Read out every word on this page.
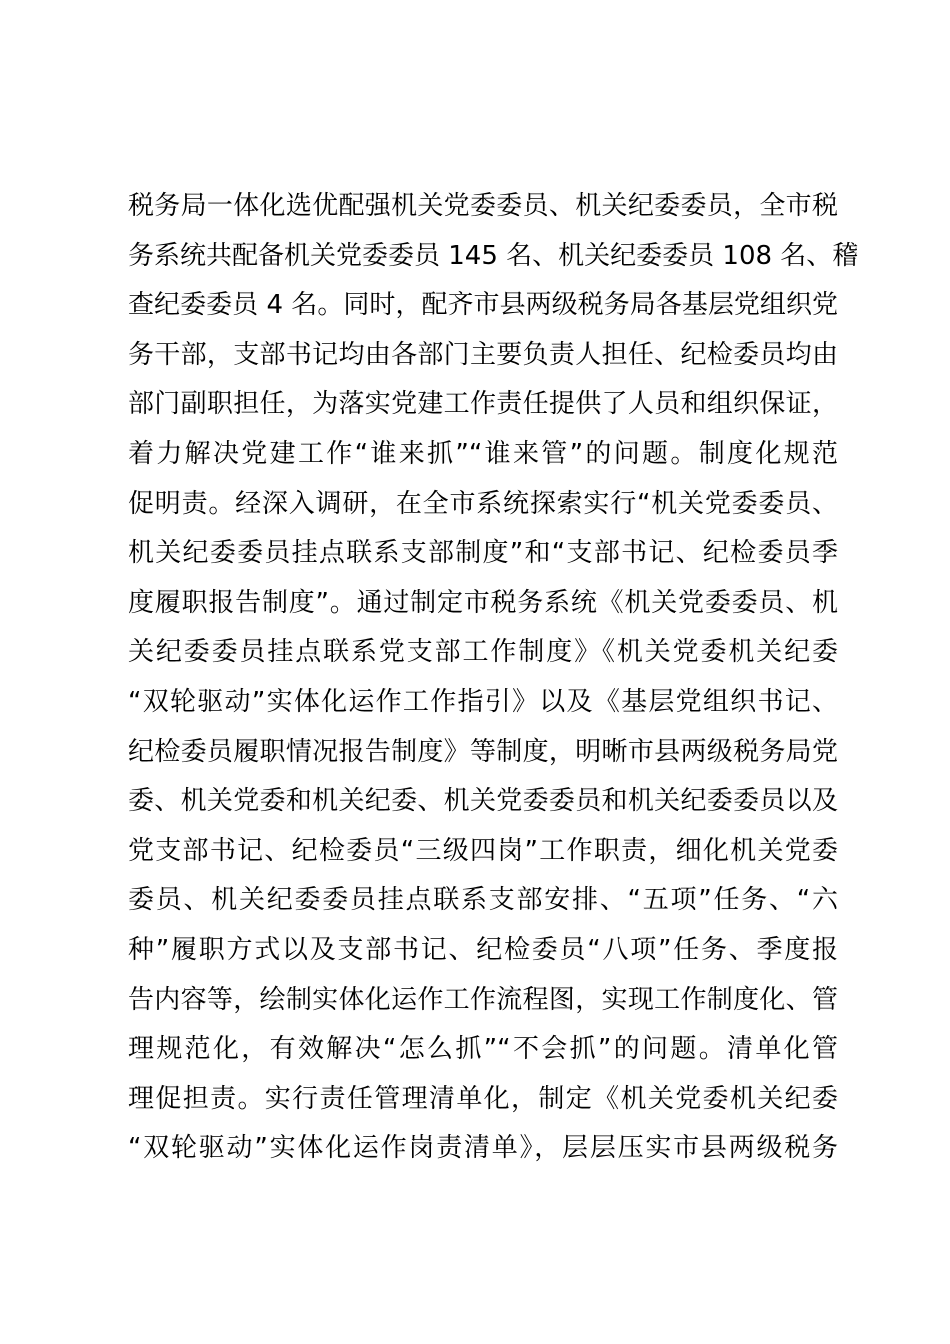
税务局一体化选优配强机关党委委员、机关纪委委员，全市税
务系统共配备机关党委委员 145 名、机关纪委委员 108 名、稽
查纪委委员 4 名。同时，配齐市县两级税务局各基层党组织党
务干部，支部书记均由各部门主要负责人担任、纪检委员均由
部门副职担任，为落实党建工作责任提供了人员和组织保证，
着力解决党建工作“谁来抓”“谁来管”的问题。制度化规范
促明责。经深入调研，在全市系统探索实行“机关党委委员、
机关纪委委员挂点联系支部制度”和“支部书记、纪检委员季
度履职报告制度”。通过制定市税务系统《机关党委委员、机
关纪委委员挂点联系党支部工作制度》《机关党委机关纪委
“双轮驱动”实体化运作工作指引》以及《基层党组织书记、
纪检委员履职情况报告制度》等制度，明晰市县两级税务局党
委、机关党委和机关纪委、机关党委委员和机关纪委委员以及
党支部书记、纪检委员“三级四岗”工作职责，细化机关党委
委员、机关纪委委员挂点联系支部安排、“五项”任务、“六
种”履职方式以及支部书记、纪检委员“八项”任务、季度报
告内容等，绘制实体化运作工作流程图，实现工作制度化、管
理规范化，有效解决“怎么抓”“不会抓”的问题。清单化管
理促担责。实行责任管理清单化，制定《机关党委机关纪委
“双轮驱动”实体化运作岗责清单》，层层压实市县两级税务
